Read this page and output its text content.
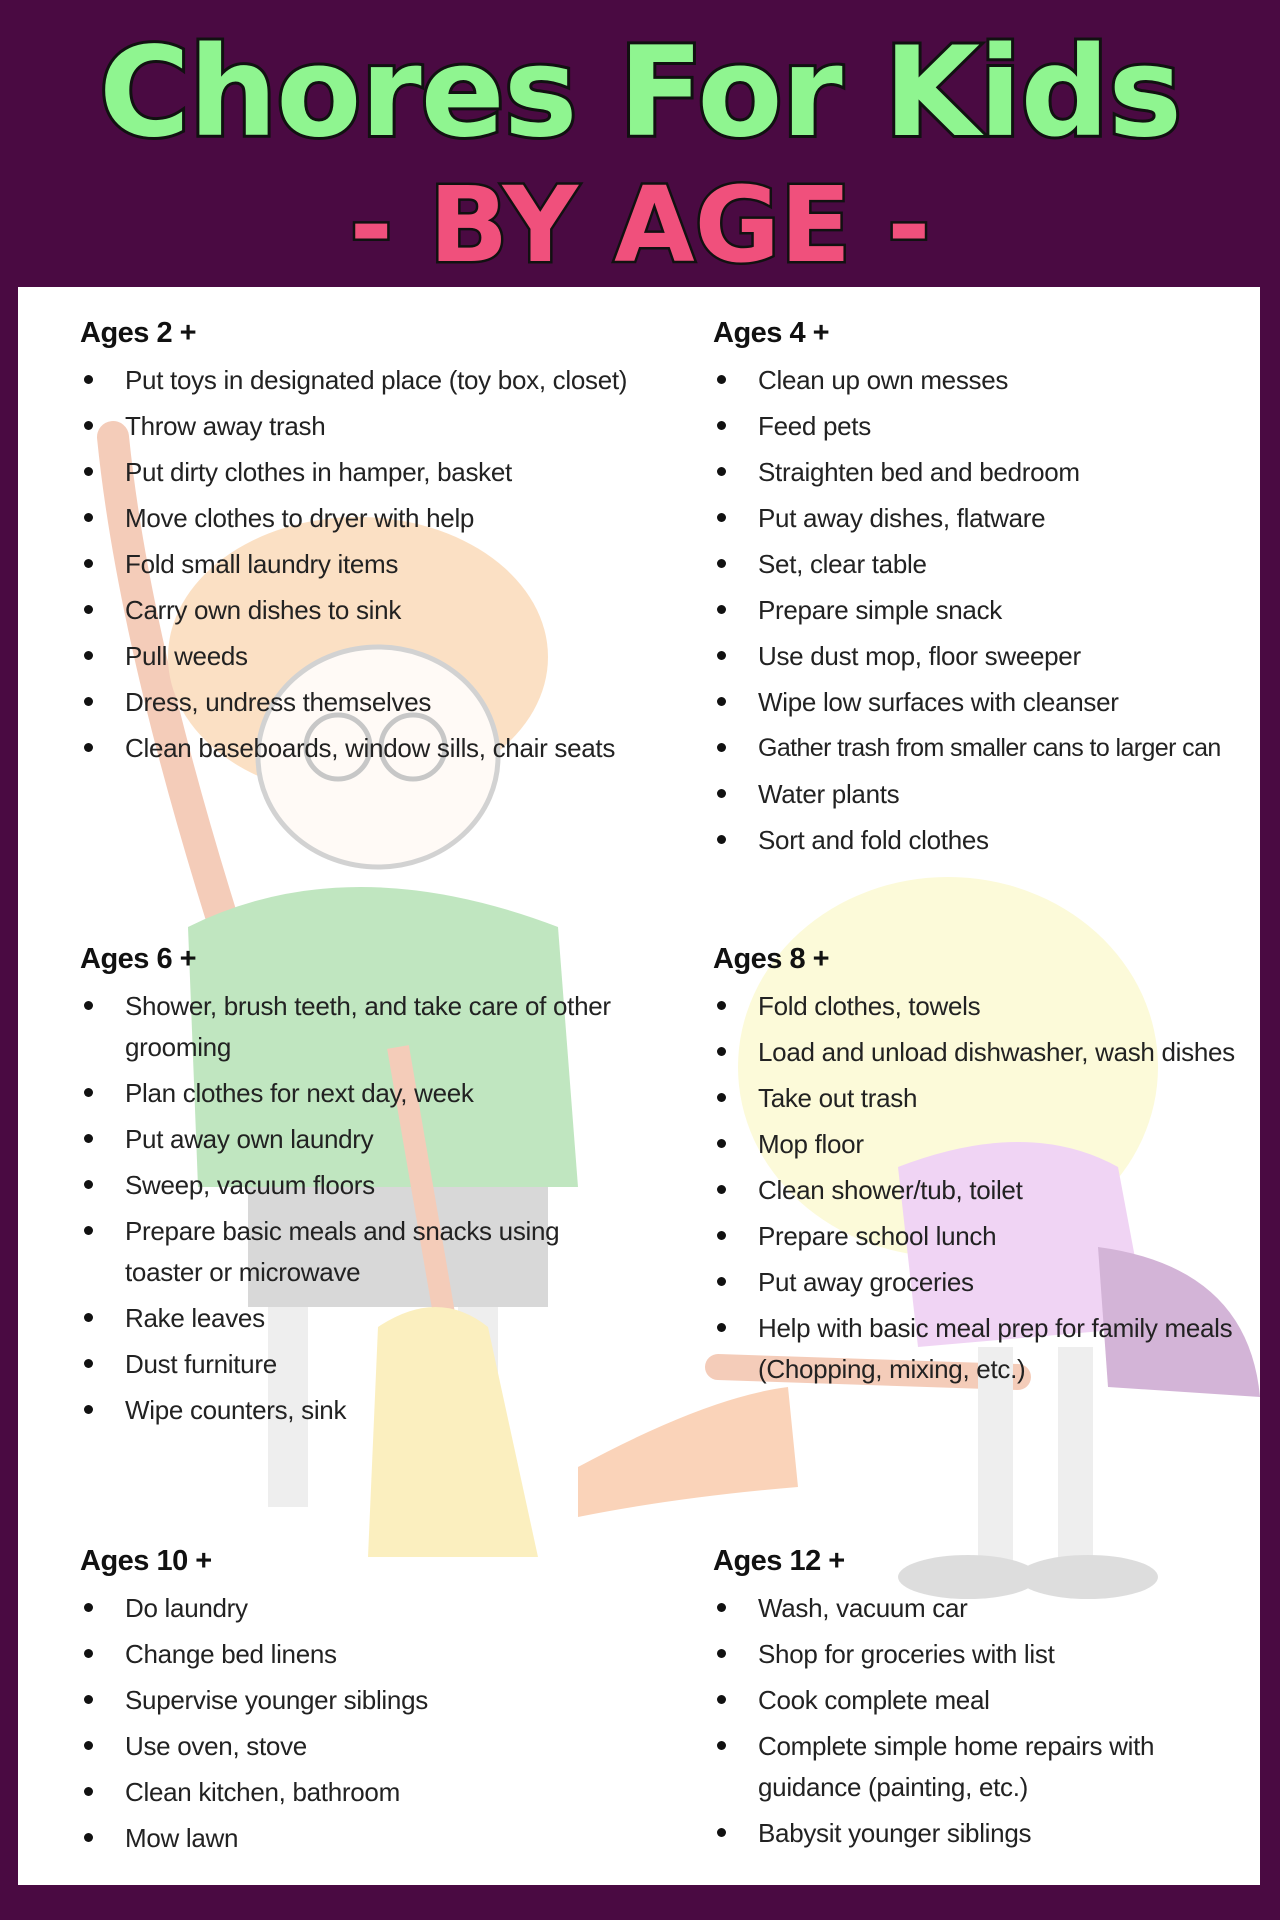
Chores For Kids
- BY AGE -
Ages 2 +
Put toys in designated place (toy box, closet)
Throw away trash
Put dirty clothes in hamper, basket
Move clothes to dryer with help
Fold small laundry items
Carry own dishes to sink
Pull weeds
Dress, undress themselves
Clean baseboards, window sills, chair seats
Ages 4 +
Clean up own messes
Feed pets
Straighten bed and bedroom
Put away dishes, flatware
Set, clear table
Prepare simple snack
Use dust mop, floor sweeper
Wipe low surfaces with cleanser
Gather trash from smaller cans to larger can
Water plants
Sort and fold clothes
Ages 6 +
Shower, brush teeth, and take care of other grooming
Plan clothes for next day, week
Put away own laundry
Sweep, vacuum floors
Prepare basic meals and snacks using toaster or microwave
Rake leaves
Dust furniture
Wipe counters, sink
Ages 8 +
Fold clothes, towels
Load and unload dishwasher, wash dishes
Take out trash
Mop floor
Clean shower/tub, toilet
Prepare school lunch
Put away groceries
Help with basic meal prep for family meals (Chopping, mixing, etc.)
Ages 10 +
Do laundry
Change bed linens
Supervise younger siblings
Use oven, stove
Clean kitchen, bathroom
Mow lawn
Ages 12 +
Wash, vacuum car
Shop for groceries with list
Cook complete meal
Complete simple home repairs with guidance (painting, etc.)
Babysit younger siblings
